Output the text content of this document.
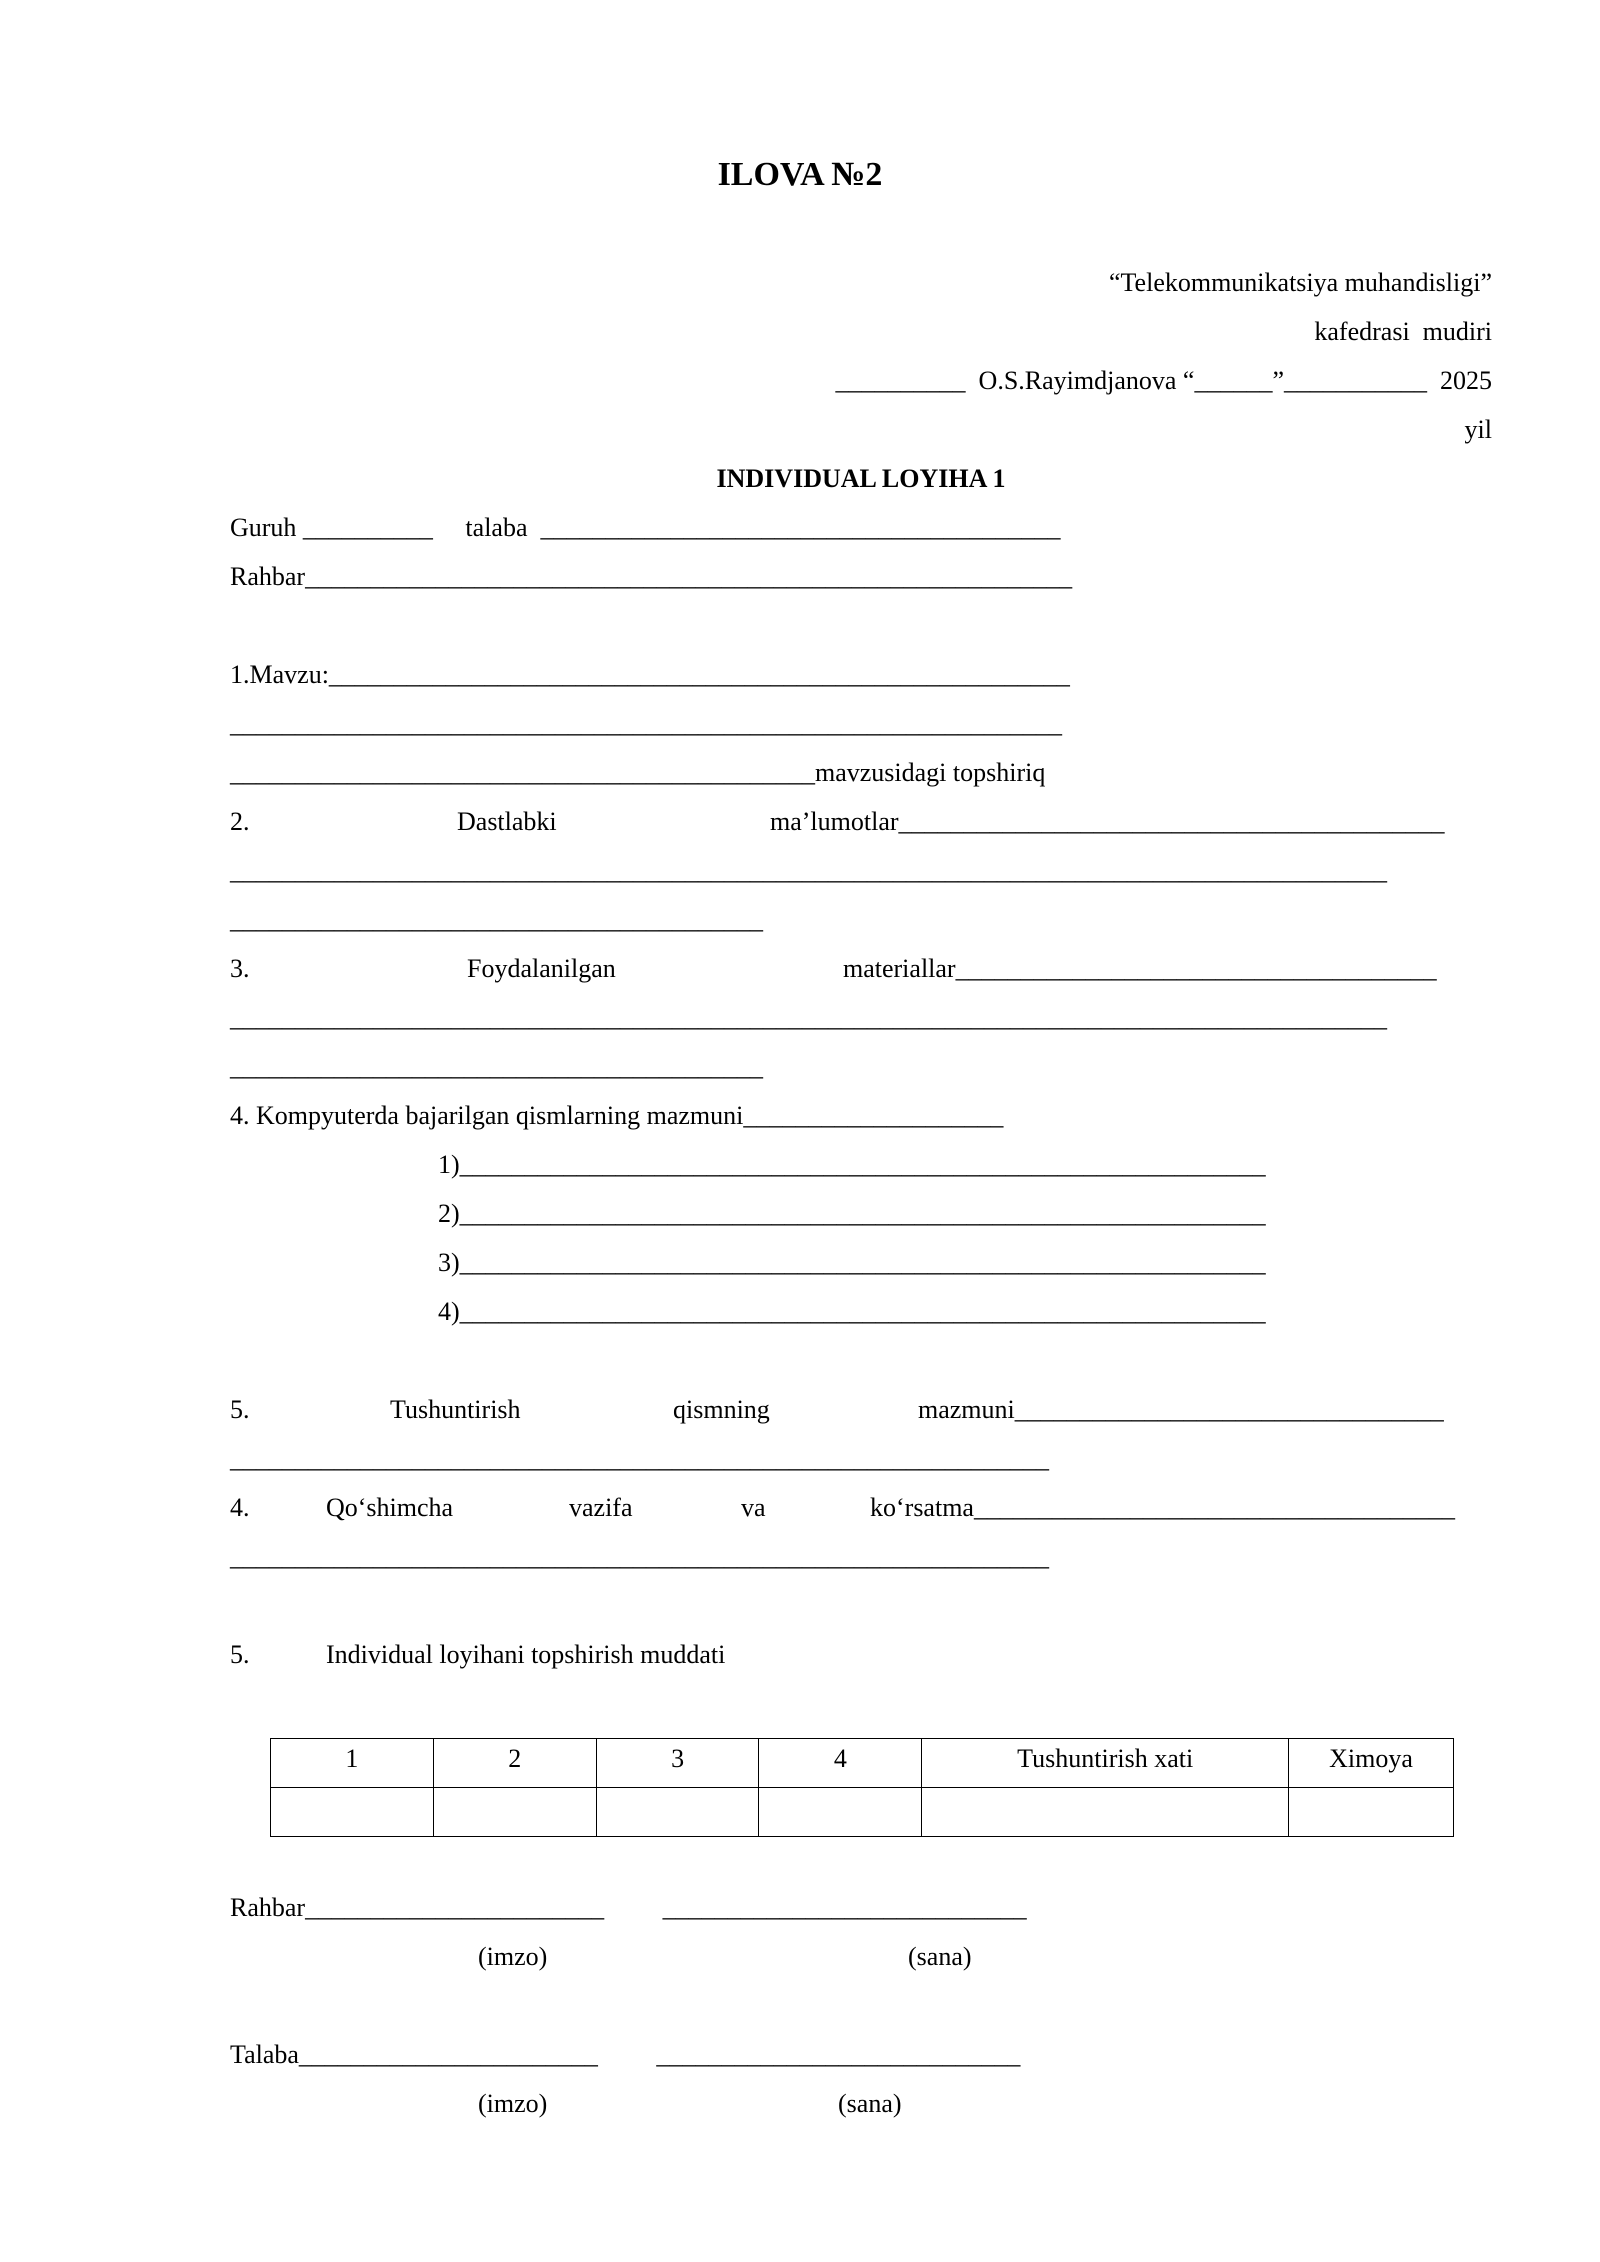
ILOVA №2
“Telekommunikatsiya muhandisligi”
kafedrasi  mudiri
__________  O.S.Rayimdjanova “______”___________  2025
yil
INDIVIDUAL LOYIHA 1
Guruh __________     talaba  ________________________________________
Rahbar___________________________________________________________
1.Mavzu:_________________________________________________________
________________________________________________________________
_____________________________________________mavzusidagi topshiriq
2.	Dastlabki	ma’lumotlar__________________________________________
_________________________________________________________________________________________
_________________________________________
3.	Foydalanilgan	materiallar_____________________________________
_________________________________________________________________________________________
_________________________________________
4. Kompyuterda bajarilgan qismlarning mazmuni____________________
1)______________________________________________________________
2)______________________________________________________________
3)______________________________________________________________
4)______________________________________________________________
5.	Tushuntirish	qismning	mazmuni_________________________________
_______________________________________________________________
4.	Qo‘shimcha	vazifa	va	ko‘rsatma_____________________________________
_______________________________________________________________
5.	Individual loyihani topshirish muddati
1	2	3	4	Tushuntirish xati	Ximoya

Rahbar_______________________         ____________________________
(imzo)	(sana)
Talaba_______________________         ____________________________
(imzo)	(sana)
